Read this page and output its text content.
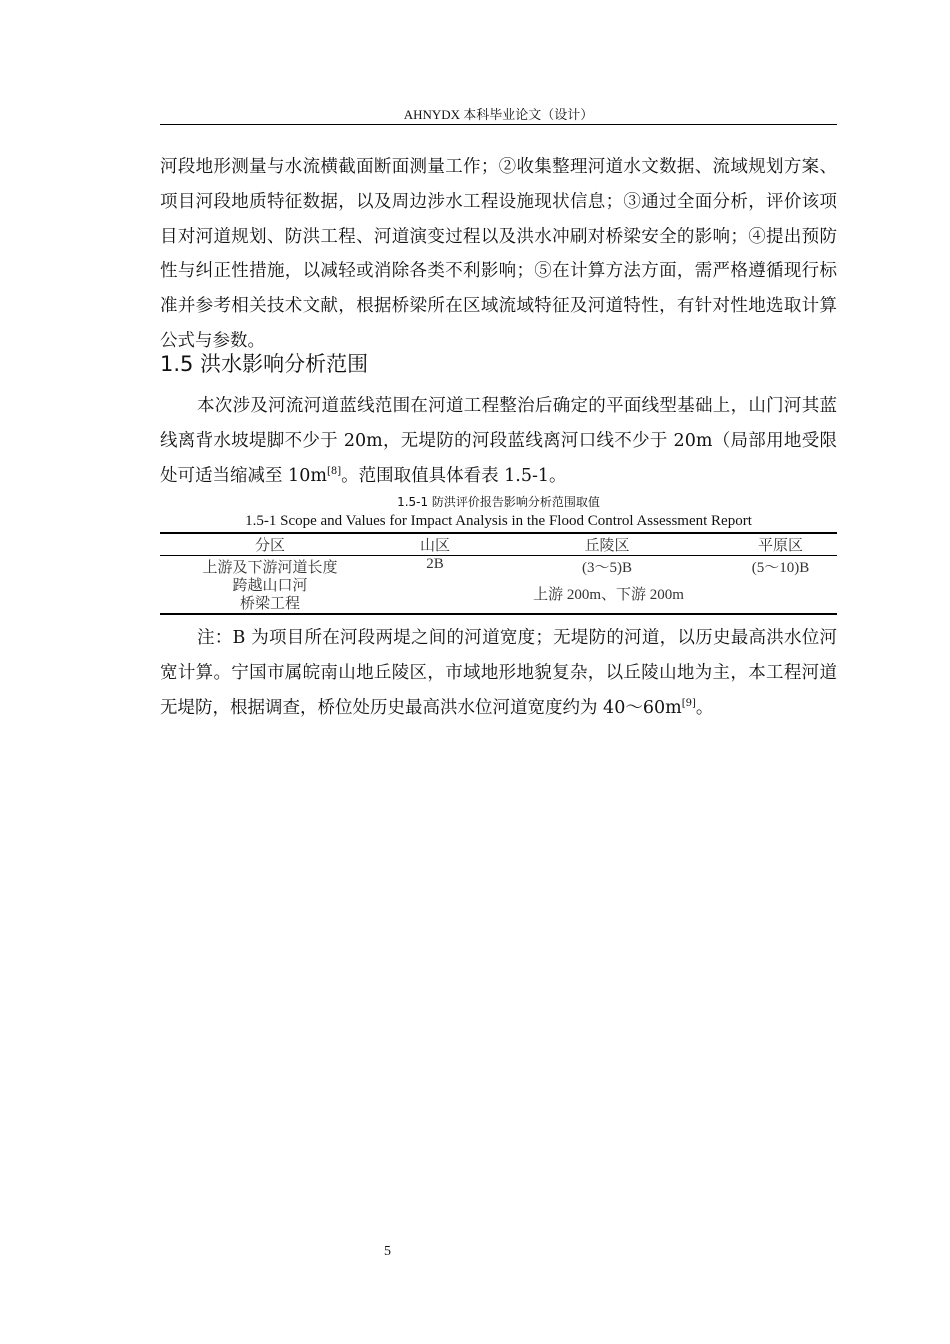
AHNYDX 本科毕业论文（设计）

河段地形测量与水流横截面断面测量工作；②收集整理河道水文数据、流域规划方案、项目河段地质特征数据，以及周边涉水工程设施现状信息；③通过全面分析，评价该项目对河道规划、防洪工程、河道演变过程以及洪水冲刷对桥梁安全的影响；④提出预防性与纠正性措施，以减轻或消除各类不利影响；⑤在计算方法方面，需严格遵循现行标准并参考相关技术文献，根据桥梁所在区域流域特征及河道特性，有针对性地选取计算公式与参数。

1.5 洪水影响分析范围

本次涉及河流河道蓝线范围在河道工程整治后确定的平面线型基础上，山门河其蓝线离背水坡堤脚不少于 20m，无堤防的河段蓝线离河口线不少于 20m（局部用地受限处可适当缩减至 10m[8]。范围取值具体看表 1.5-1。

1.5-1 防洪评价报告影响分析范围取值
1.5-1 Scope and Values for Impact Analysis in the Flood Control Assessment Report
分区	山区	丘陵区	平原区
上游及下游河道长度	2B	(3～5)B	(5～10)B

跨越山口河
桥梁工程	上游 200m、下游 200m		

注：B 为项目所在河段两堤之间的河道宽度；无堤防的河道，以历史最高洪水位河宽计算。宁国市属皖南山地丘陵区，市域地形地貌复杂，以丘陵山地为主，本工程河道无堤防，根据调查，桥位处历史最高洪水位河道宽度约为 40～60m[9]。

5
